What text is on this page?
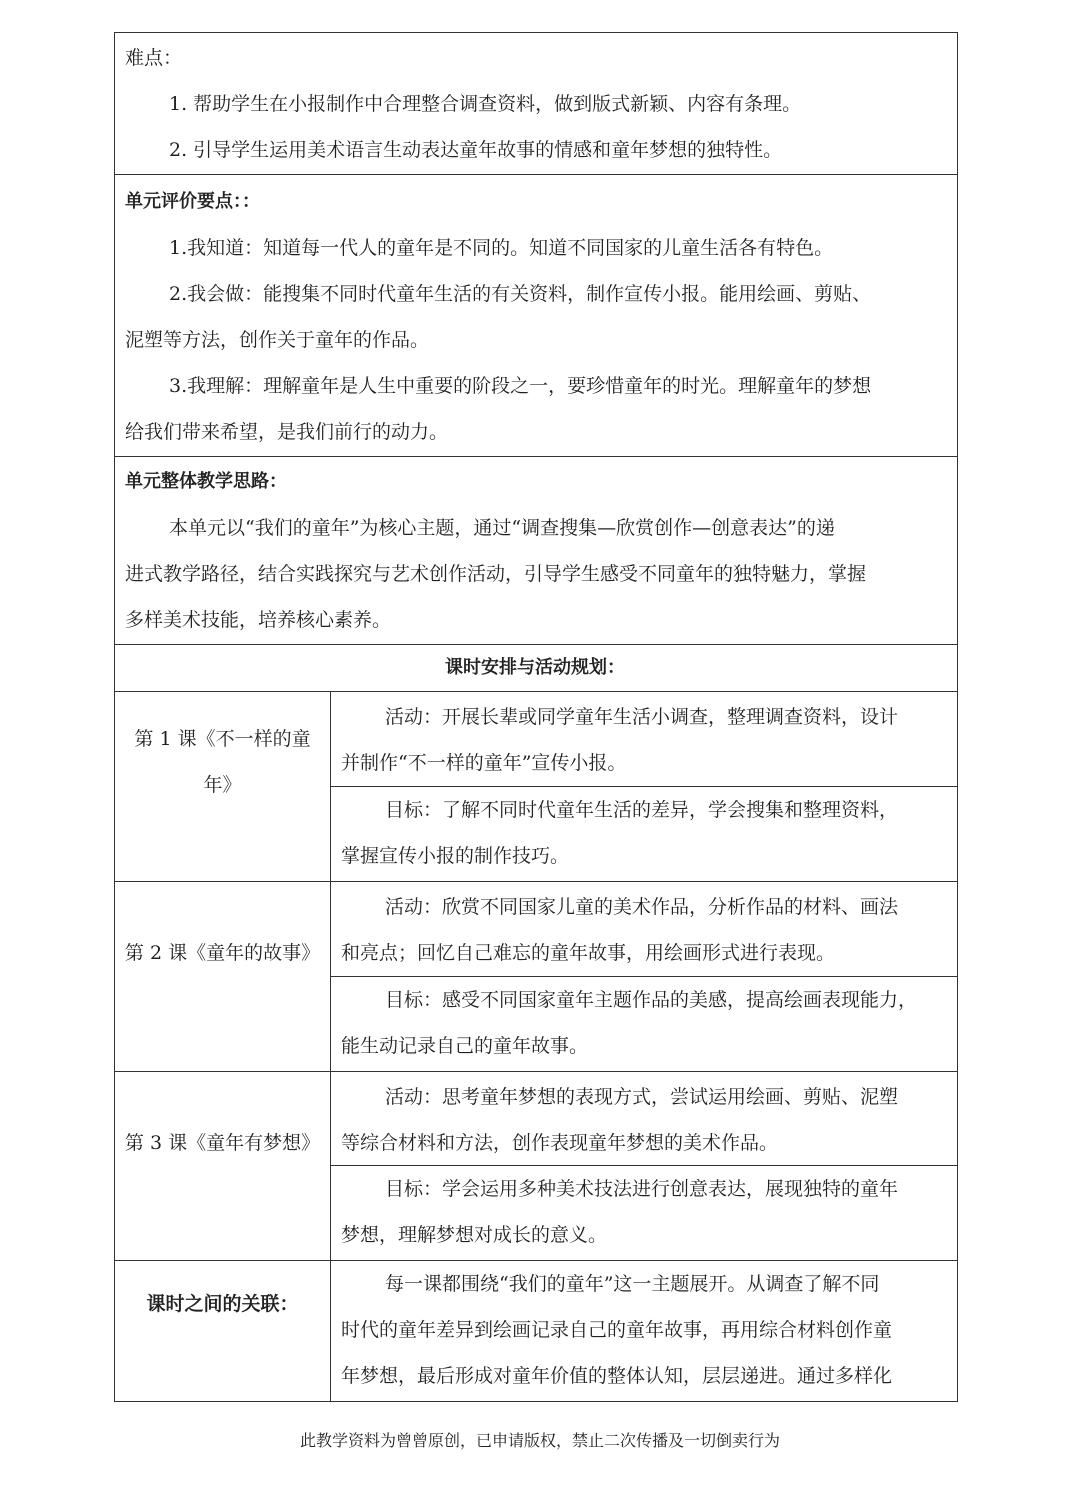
难点：
1. 帮助学生在小报制作中合理整合调查资料，做到版式新颖、内容有条理。
2. 引导学生运用美术语言生动表达童年故事的情感和童年梦想的独特性。
单元评价要点：：
1.我知道：知道每一代人的童年是不同的。知道不同国家的儿童生活各有特色。
2.我会做：能搜集不同时代童年生活的有关资料，制作宣传小报。能用绘画、剪贴、
泥塑等方法，创作关于童年的作品。
3.我理解：理解童年是人生中重要的阶段之一，要珍惜童年的时光。理解童年的梦想
给我们带来希望，是我们前行的动力。
单元整体教学思路：
本单元以“我们的童年”为核心主题，通过“调查搜集—欣赏创作—创意表达”的递
进式教学路径，结合实践探究与艺术创作活动，引导学生感受不同童年的独特魅力，掌握
多样美术技能，培养核心素养。
课时安排与活动规划：
第 1 课《不一样的童
年》
活动：开展长辈或同学童年生活小调查，整理调查资料，设计
并制作“不一样的童年”宣传小报。
目标：了解不同时代童年生活的差异，学会搜集和整理资料，
掌握宣传小报的制作技巧。
第 2 课《童年的故事》
活动：欣赏不同国家儿童的美术作品，分析作品的材料、画法
和亮点；回忆自己难忘的童年故事，用绘画形式进行表现。
目标：感受不同国家童年主题作品的美感，提高绘画表现能力，
能生动记录自己的童年故事。
第 3 课《童年有梦想》
活动：思考童年梦想的表现方式，尝试运用绘画、剪贴、泥塑
等综合材料和方法，创作表现童年梦想的美术作品。
目标：学会运用多种美术技法进行创意表达，展现独特的童年
梦想，理解梦想对成长的意义。
课时之间的关联：
每一课都围绕“我们的童年”这一主题展开。从调查了解不同
时代的童年差异到绘画记录自己的童年故事，再用综合材料创作童
年梦想，最后形成对童年价值的整体认知，层层递进。通过多样化
此教学资料为曾曾原创，已申请版权，禁止二次传播及一切倒卖行为
